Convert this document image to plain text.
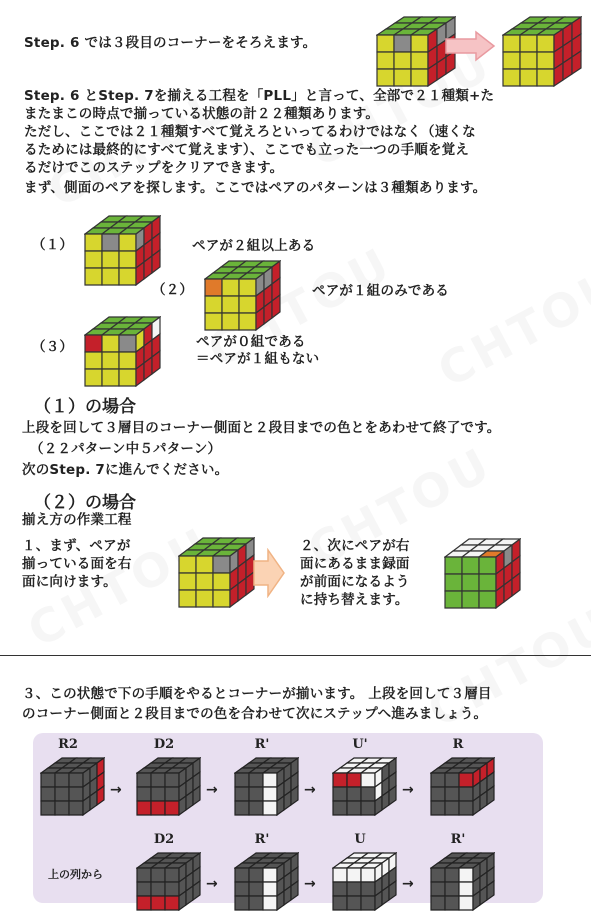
Step. 6 では３段目のコーナーをそろえます。
Step. 6 とStep. 7を揃える工程を「PLL」と言って、全部で２１種類+た
またまこの時点で揃っている状態の計２２種類あります。
ただし、ここでは２１種類すべて覚えろといってるわけではなく（速くな
るためには最終的にすべて覚えます）、ここでも立った一つの手順を覚え
るだけでこのステップをクリアできます。
まず、側面のペアを探します。ここではペアのパターンは３種類あります。
（１）	ペアが２組以上ある
（２）	ペアが１組のみである
（３）	ペアが０組である
＝ペアが１組もない
（１）の場合
上段を回して３層目のコーナー側面と２段目までの色とをあわせて終了です。
（２２パターン中５パターン）
次のStep. 7に進んでください。
（２）の場合
揃え方の作業工程
１、まず、ペアが
揃っている面を右
面に向けます。
２、次にペアが右
面にあるまま録面
が前面になるよう
に持ち替えます。
３、この状態で下の手順をやるとコーナーが揃います。 上段を回して３層目
のコーナー側面と２段目までの色を合わせて次にステップへ進みましょう。
R2	D2	R'	U'	R
→	→	→	→
D2	R'	U	R'
上の列から
→	→	→
